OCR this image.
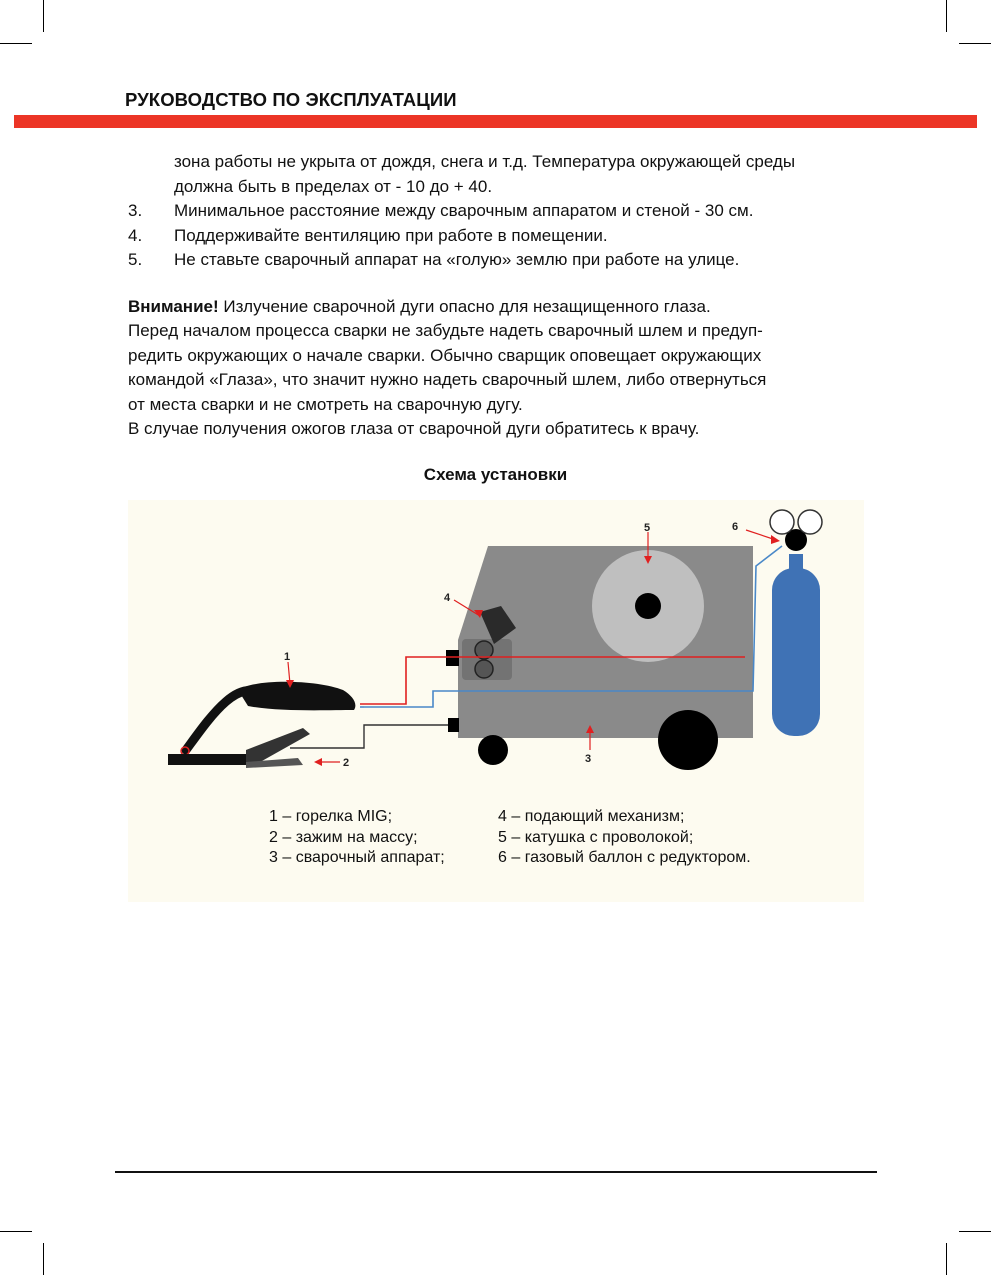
РУКОВОДСТВО ПО ЭКСПЛУАТАЦИИ
зона работы не укрыта от дождя, снега и т.д. Температура окружающей среды
должна быть в пределах от - 10 до + 40.
3.	Минимальное расстояние между сварочным аппаратом и стеной - 30 см.
4.	Поддерживайте вентиляцию при работе в помещении.
5.	Не ставьте сварочный аппарат на «голую» землю при работе на улице.
Внимание! Излучение сварочной дуги опасно для незащищенного глаза.
Перед началом процесса сварки не забудьте надеть сварочный шлем и предуп-
редить окружающих о начале сварки. Обычно сварщик оповещает окружающих
командой «Глаза», что значит нужно надеть сварочный шлем, либо отвернуться
от места сварки и не смотреть на сварочную дугу.
В случае получения ожогов глаза от сварочной дуги обратитесь к врачу.
Схема установки
1
2	3
4
5	6
1 – горелка MIG;
2 – зажим на массу;
3 – сварочный аппарат;
4 – подающий механизм;
5 – катушка с проволокой;
6 – газовый баллон с редуктором.
